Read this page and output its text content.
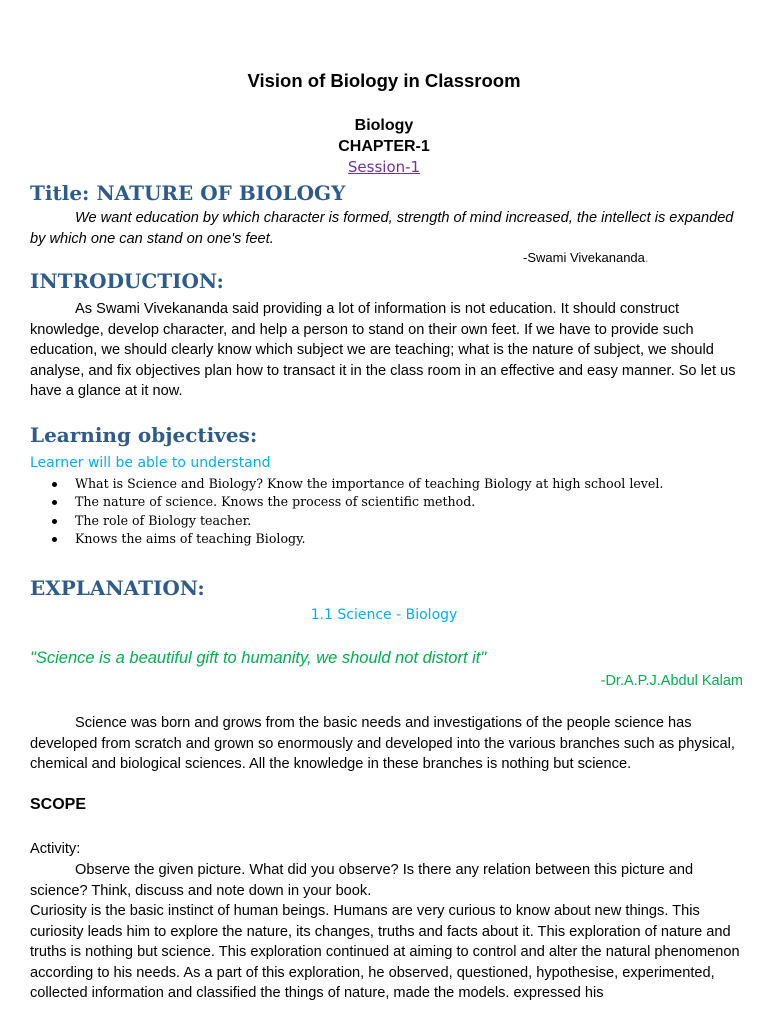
Vision of Biology in Classroom
Biology
CHAPTER-1
Session-1
Title: NATURE OF BIOLOGY
We want education by which character is formed, strength of mind increased, the intellect is expanded by which one can stand on one's feet.
-Swami Vivekananda.
INTRODUCTION:
As Swami Vivekananda said providing a lot of information is not education. It should construct knowledge, develop character, and help a person to stand on their own feet. If we have to provide such education, we should clearly know which subject we are teaching; what is the nature of subject, we should analyse, and fix objectives plan how to transact it in the class room in an effective and easy manner. So let us have a glance at it now.
Learning objectives:
Learner will be able to understand
What is Science and Biology? Know the importance of teaching Biology at high school level.
The nature of science. Knows the process of scientific method.
The role of Biology teacher.
Knows the aims of teaching Biology.
EXPLANATION:
1.1 Science - Biology
"Science is a beautiful gift to humanity, we should not distort it"
-Dr.A.P.J.Abdul Kalam
Science was born and grows from the basic needs and investigations of the people science has developed from scratch and grown so enormously and developed into the various branches such as physical, chemical and biological sciences. All the knowledge in these branches is nothing but science.
SCOPE
Activity:
Observe the given picture. What did you observe? Is there any relation between this picture and science? Think, discuss and note down in your book.
Curiosity is the basic instinct of human beings. Humans are very curious to know about new things. This curiosity leads him to explore the nature, its changes, truths and facts about it. This exploration of nature and truths is nothing but science. This exploration continued at aiming to control and alter the natural phenomenon according to his needs. As a part of this exploration, he observed, questioned, hypothesise, experimented, collected information and classified the things of nature, made the models. expressed his
